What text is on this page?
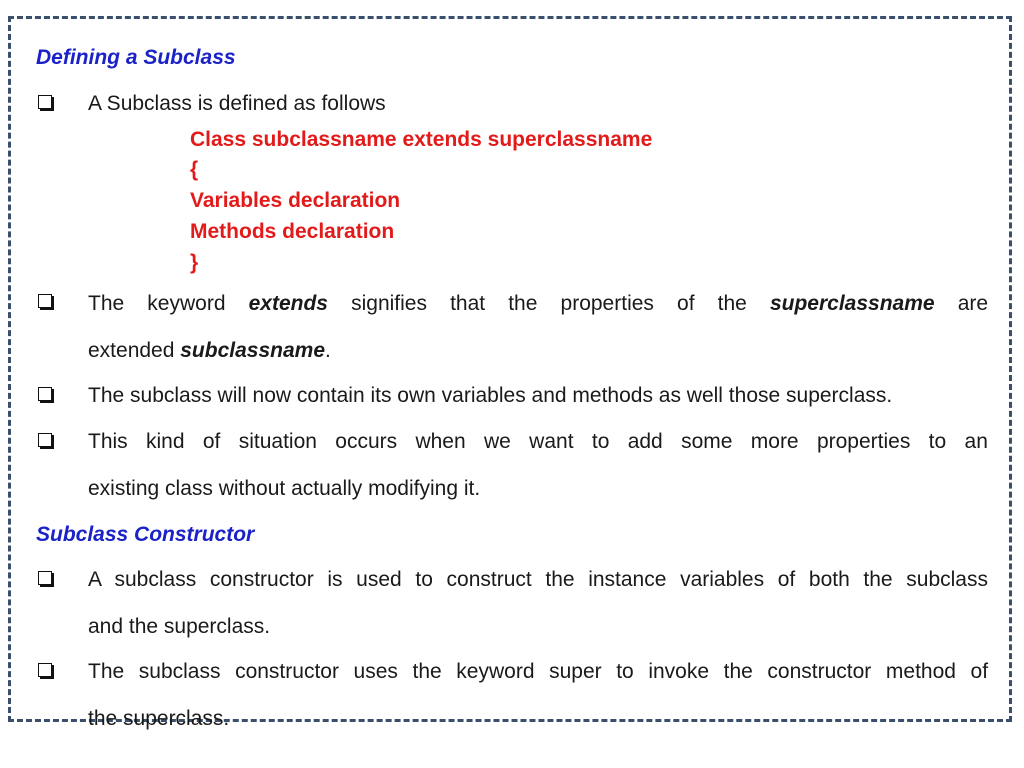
Defining a Subclass
A Subclass is defined as follows
Class subclassname extends superclassname
{
Variables declaration
Methods declaration
}
The keyword extends signifies that the properties of the superclassname are
extended subclassname.
The subclass will now contain its own variables and methods as well those superclass.
This kind of situation occurs when we want to add some more properties to an
existing class without actually modifying it.
Subclass Constructor
A subclass constructor is used to construct the instance variables of both the subclass
and the superclass.
The subclass constructor uses the keyword super to invoke the constructor method of
the superclass.
